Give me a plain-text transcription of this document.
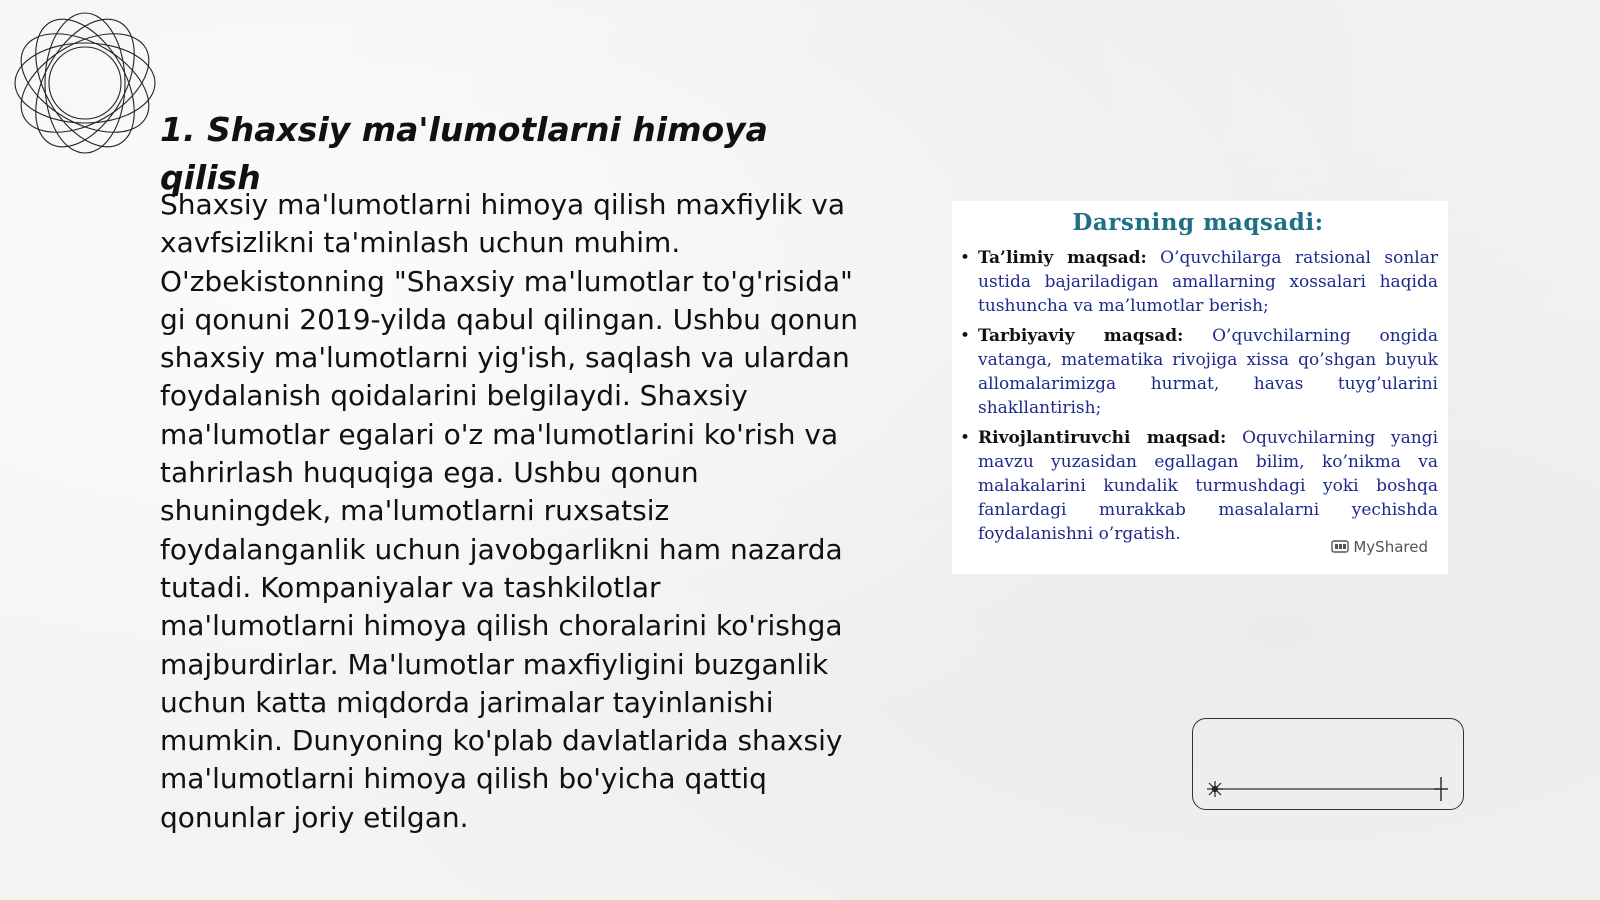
1. Shaxsiy ma'lumotlarni himoya qilish

Shaxsiy ma'lumotlarni himoya qilish maxfiylik va xavfsizlikni ta'minlash uchun muhim. O'zbekistonning "Shaxsiy ma'lumotlar to'g'risida" gi qonuni 2019-yilda qabul qilingan. Ushbu qonun shaxsiy ma'lumotlarni yig'ish, saqlash va ulardan foydalanish qoidalarini belgilaydi. Shaxsiy ma'lumotlar egalari o'z ma'lumotlarini ko'rish va tahrirlash huquqiga ega. Ushbu qonun shuningdek, ma'lumotlarni ruxsatsiz foydalanganlik uchun javobgarlikni ham nazarda tutadi. Kompaniyalar va tashkilotlar ma'lumotlarni himoya qilish choralarini ko'rishga majburdirlar. Ma'lumotlar maxfiyligini buzganlik uchun katta miqdorda jarimalar tayinlanishi mumkin. Dunyoning ko'plab davlatlarida shaxsiy ma'lumotlarni himoya qilish bo'yicha qattiq qonunlar joriy etilgan.

Darsning maqsadi:
• Ta’limiy maqsad: O’quvchilarga ratsional sonlar ustida bajariladigan amallarning xossalari haqida tushuncha va ma’lumotlar berish;
• Tarbiyaviy maqsad: O’quvchilarning ongida vatanga, matematika rivojiga xissa qo’shgan buyuk allomalarimizga hurmat, havas tuyg’ularini shakllantirish;
• Rivojlantiruvchi maqsad: Oquvchilarning yangi mavzu yuzasidan egallagan bilim, ko’nikma va malakalarini kundalik turmushdagi yoki boshqa fanlardagi murakkab masalalarni yechishda foydalanishni o’rgatish.
MyShared
